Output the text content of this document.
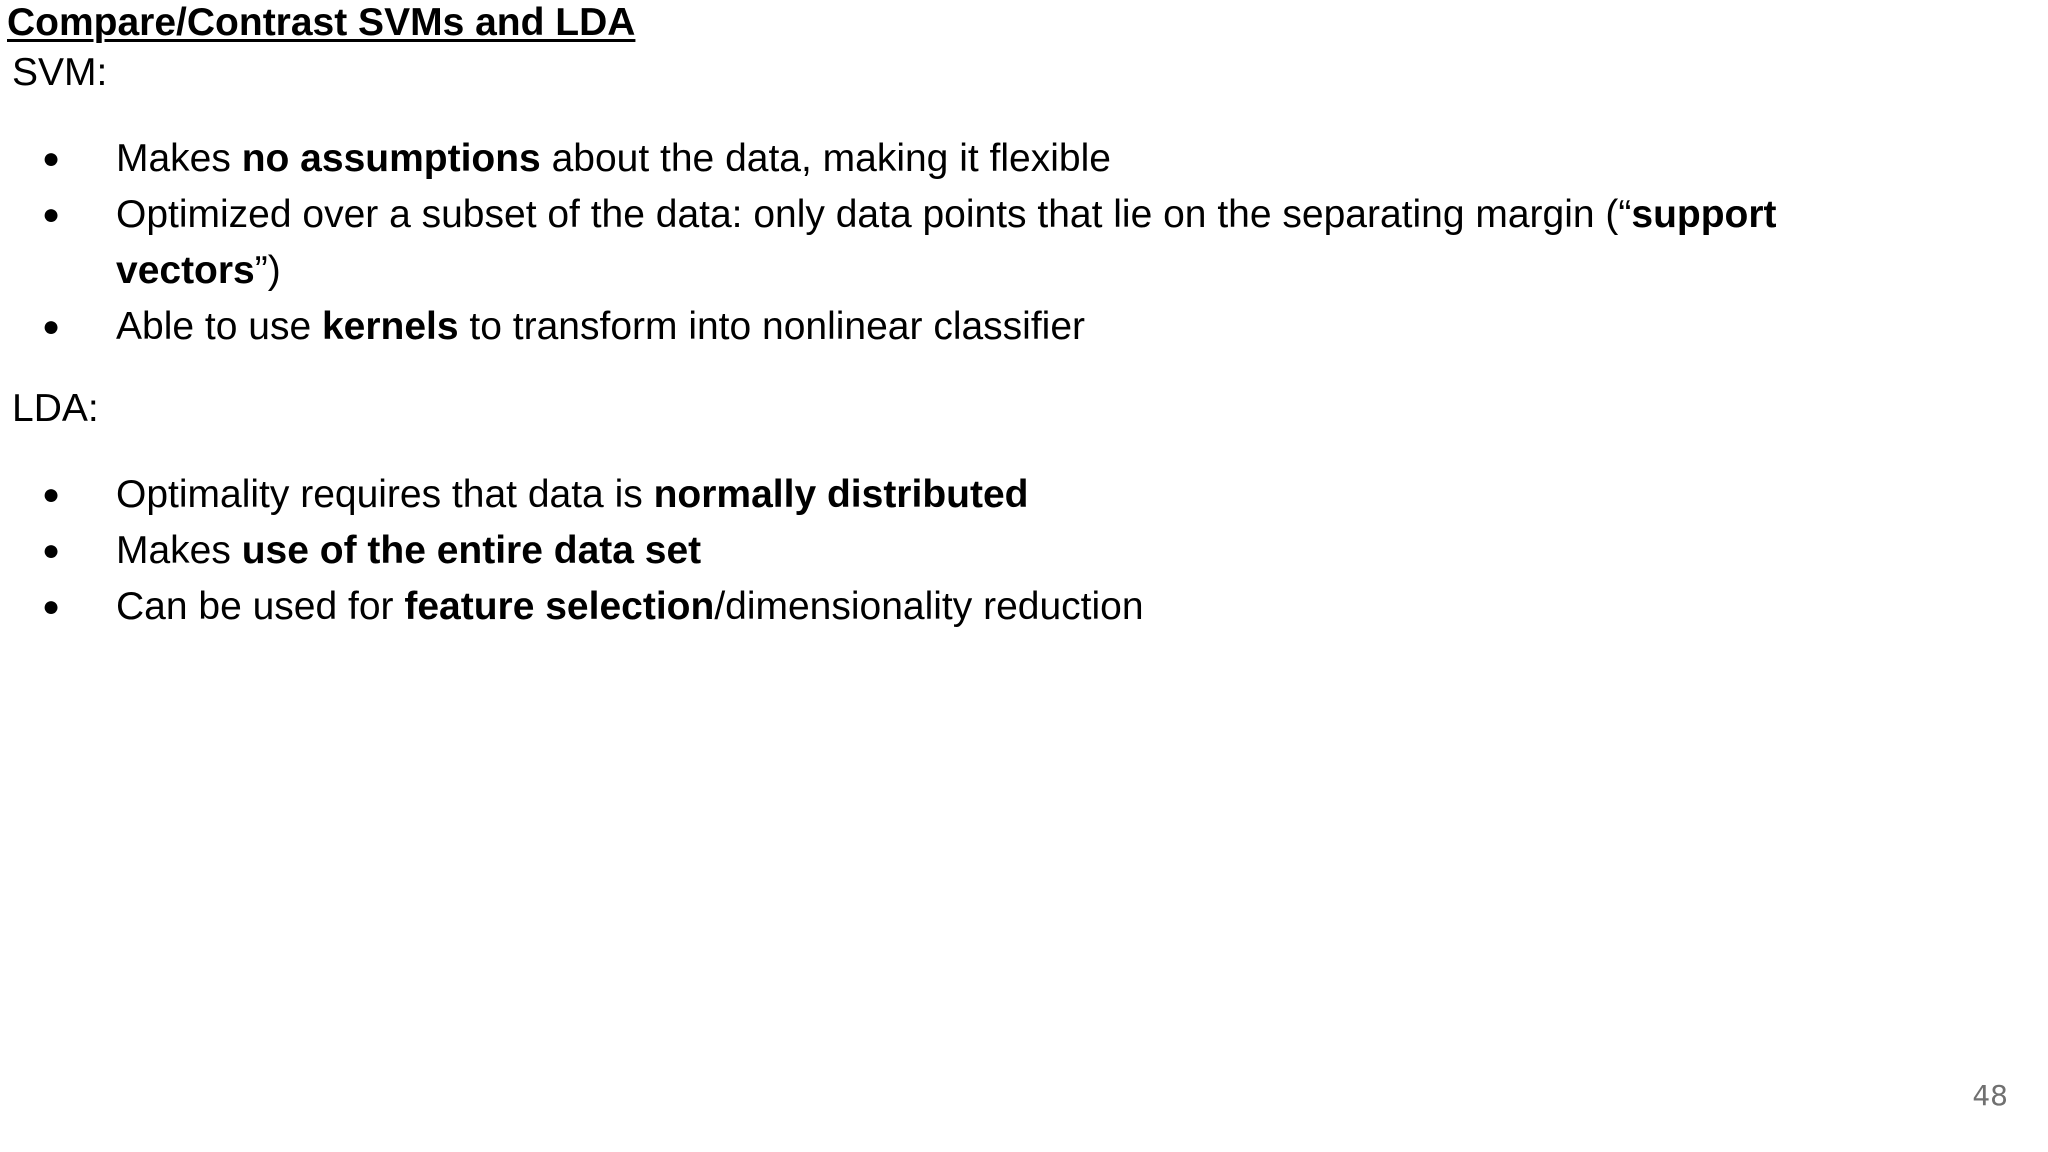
Compare/Contrast SVMs and LDA
SVM:
● Makes no assumptions about the data, making it flexible
● Optimized over a subset of the data: only data points that lie on the separating margin (“support vectors”)
● Able to use kernels to transform into nonlinear classifier
LDA:
● Optimality requires that data is normally distributed
● Makes use of the entire data set
● Can be used for feature selection/dimensionality reduction
48
